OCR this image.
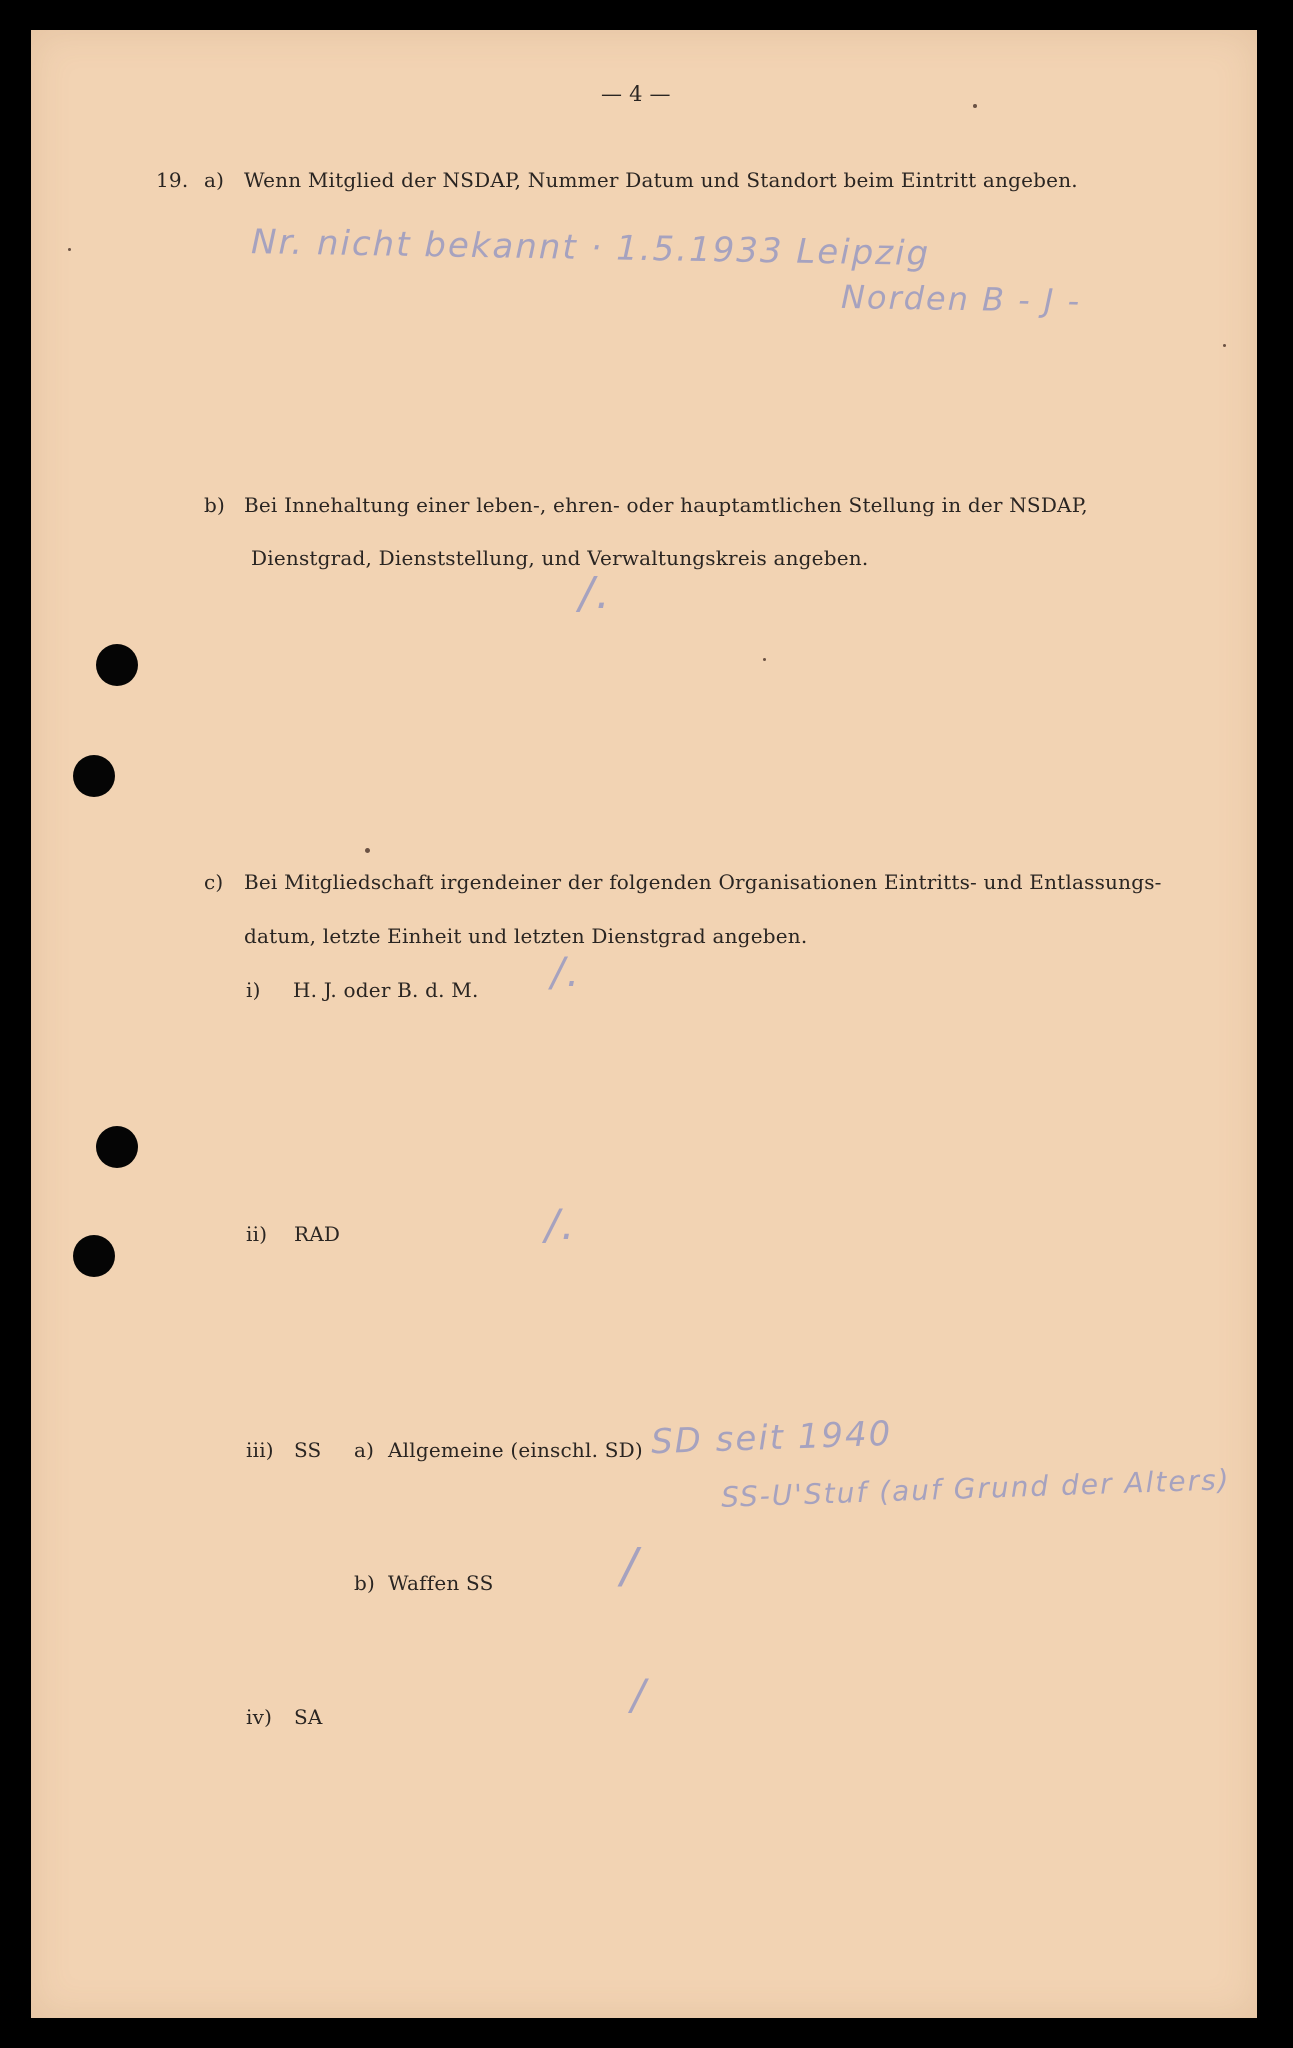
— 4 —
19. a) Wenn Mitglied der NSDAP, Nummer Datum und Standort beim Eintritt angeben.
Nr. nicht bekannt · 1.5.1933 Leipzig
Norden B - J -
b) Bei Innehaltung einer leben-, ehren- oder hauptamtlichen Stellung in der NSDAP,
Dienstgrad, Dienststellung, und Verwaltungskreis angeben.
/.
c) Bei Mitgliedschaft irgendeiner der folgenden Organisationen Eintritts- und Entlassungs-
datum, letzte Einheit und letzten Dienstgrad angeben.
i) H. J. oder B. d. M. /.
ii) RAD	/.
iii) SS a) Allgemeine (einschl. SD) SD seit 1940
SS-U'Stuf (auf Grund der Alters)
b) Waffen SS	/
iv) SA	/
